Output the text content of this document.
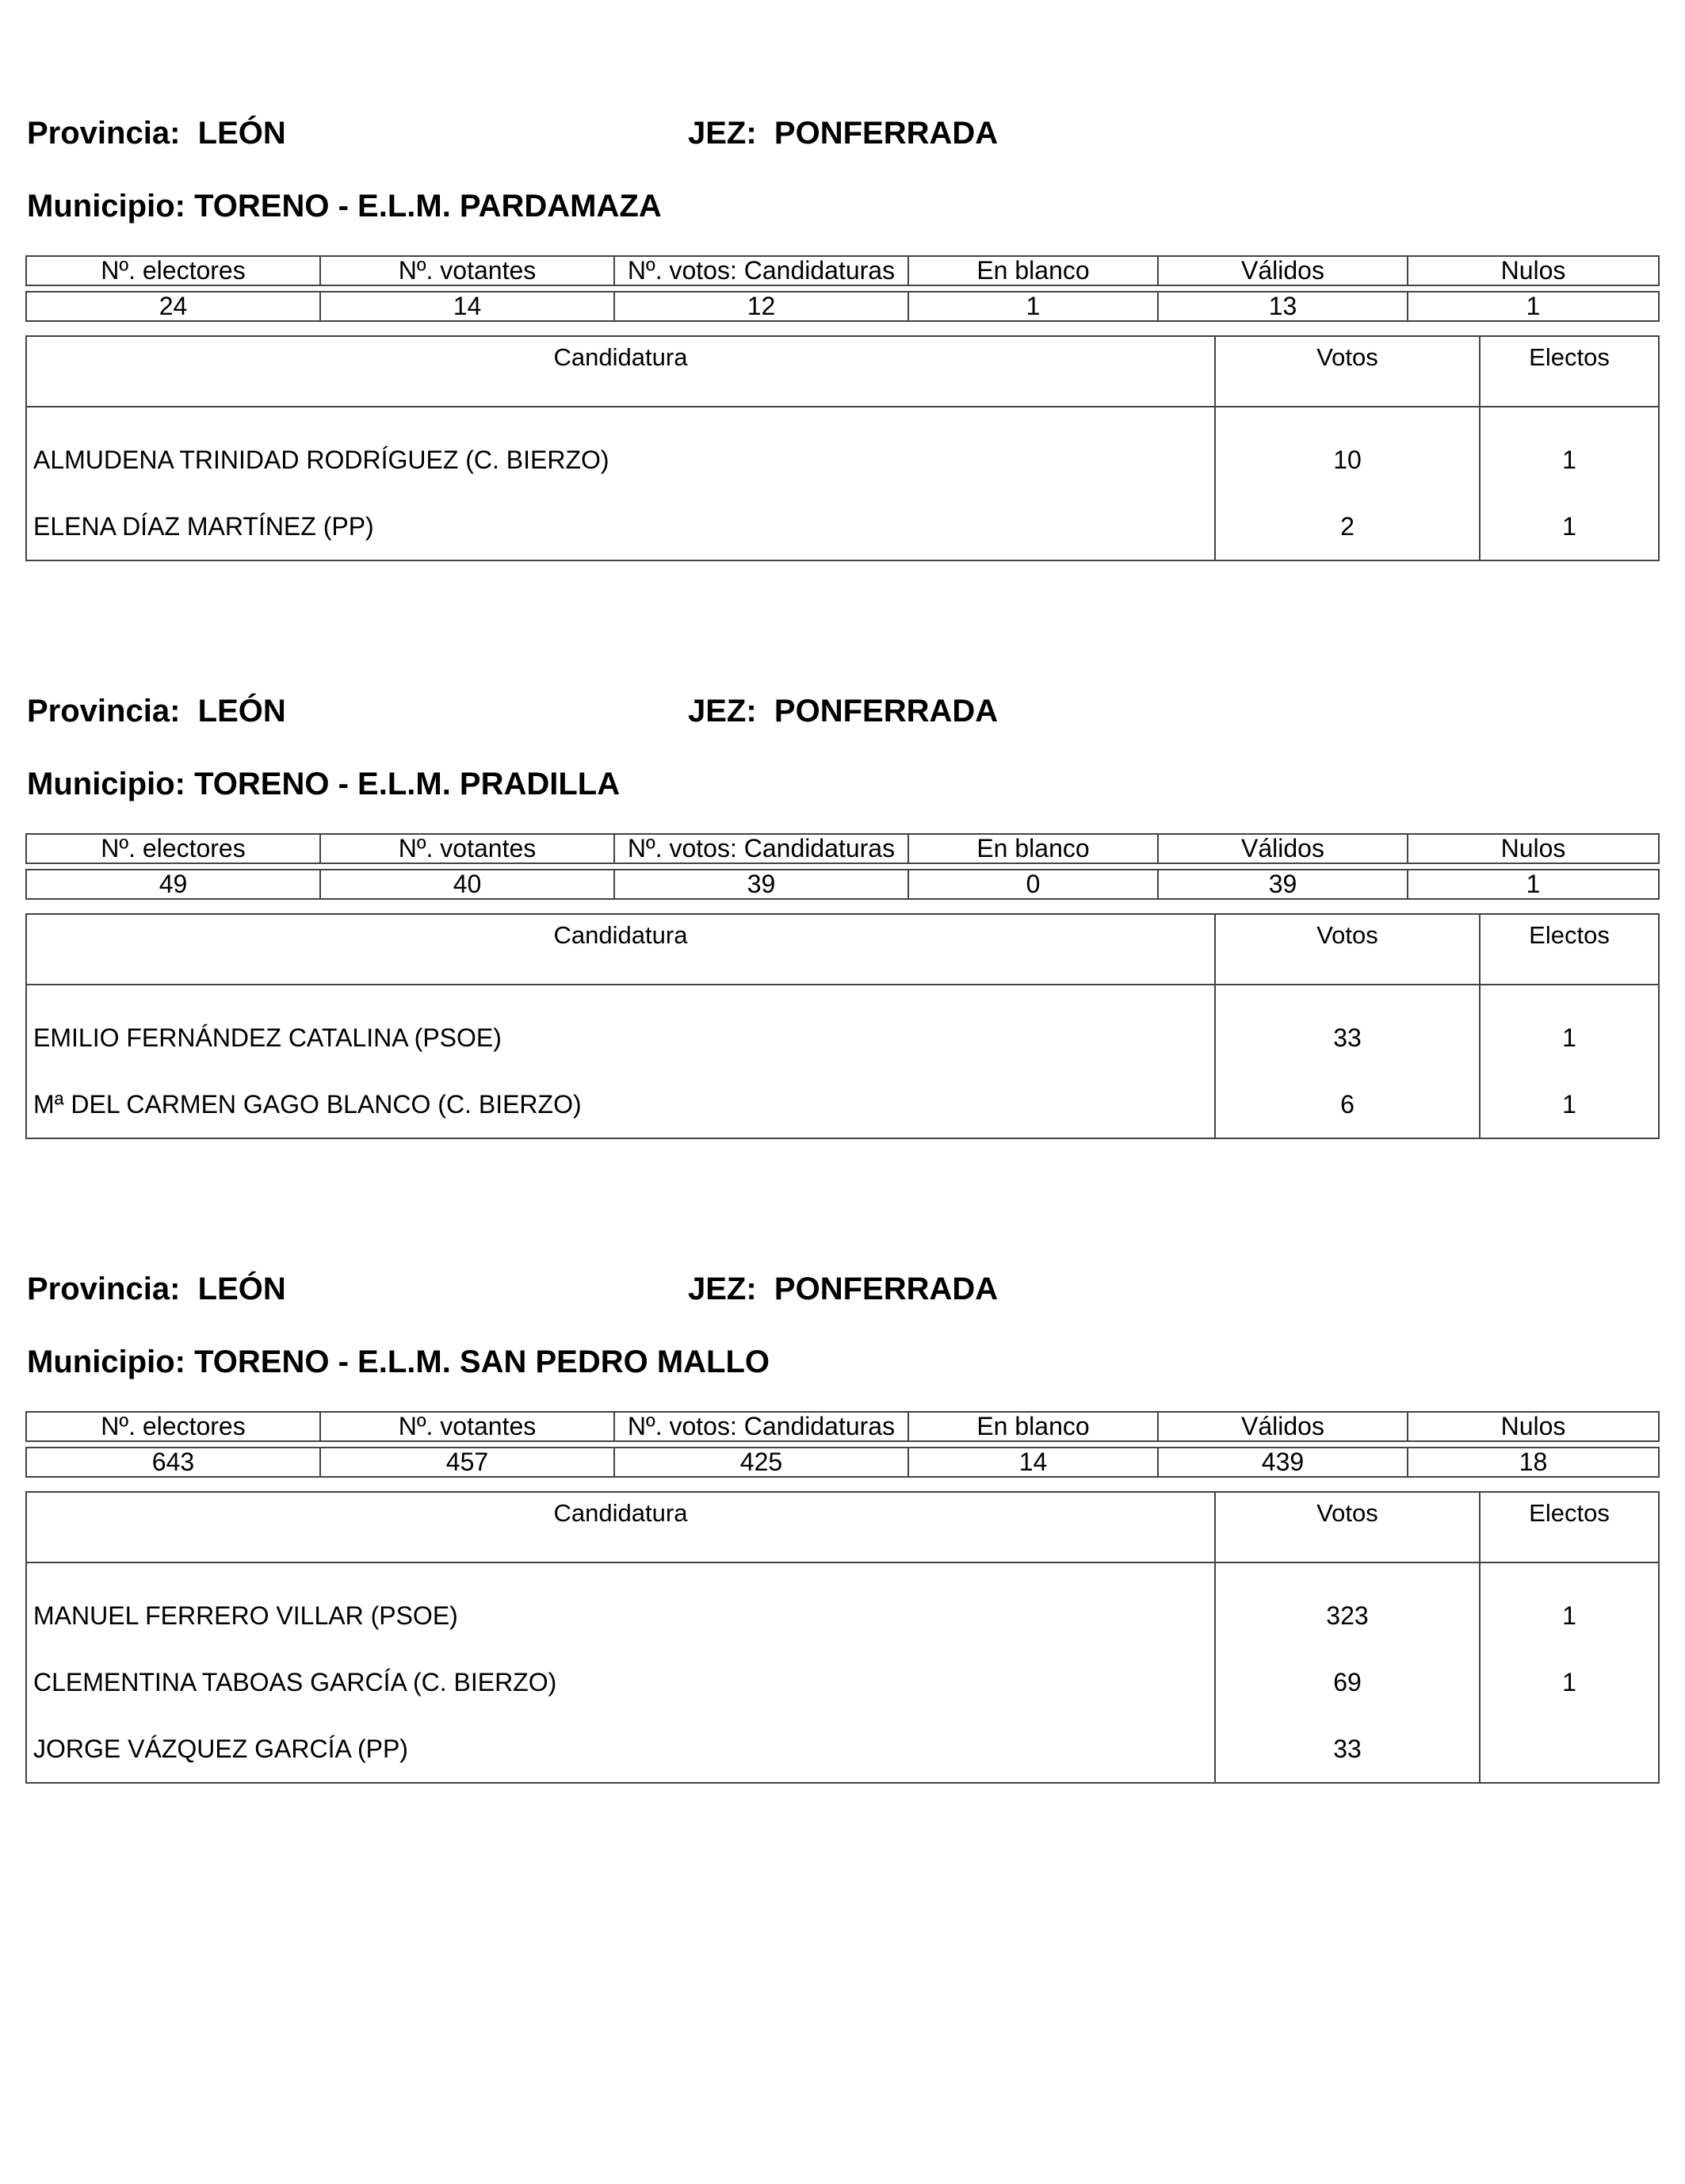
Provincia: LEÓN	JEZ: PONFERRADA
Municipio: TORENO - E.L.M. PARDAMAZA
Nº. electores	Nº. votantes	Nº. votos: Candidaturas	En blanco	Válidos	Nulos

24	14	12	1	13	1
Candidatura	Votos	Electos
ALMUDENA TRINIDAD RODRÍGUEZ (C. BIERZO)	10	1
ELENA DÍAZ MARTÍNEZ (PP)	2	1
Provincia: LEÓN	JEZ: PONFERRADA
Municipio: TORENO - E.L.M. PRADILLA
Nº. electores	Nº. votantes	Nº. votos: Candidaturas	En blanco	Válidos	Nulos

49	40	39	0	39	1
Candidatura	Votos	Electos
EMILIO FERNÁNDEZ CATALINA (PSOE)	33	1
Mª DEL CARMEN GAGO BLANCO (C. BIERZO)	6	1
Provincia: LEÓN	JEZ: PONFERRADA
Municipio: TORENO - E.L.M. SAN PEDRO MALLO
Nº. electores	Nº. votantes	Nº. votos: Candidaturas	En blanco	Válidos	Nulos

643	457	425	14	439	18
Candidatura	Votos	Electos
MANUEL FERRERO VILLAR (PSOE)	323	1
CLEMENTINA TABOAS GARCÍA (C. BIERZO)	69	1
JORGE VÁZQUEZ GARCÍA (PP)	33	
